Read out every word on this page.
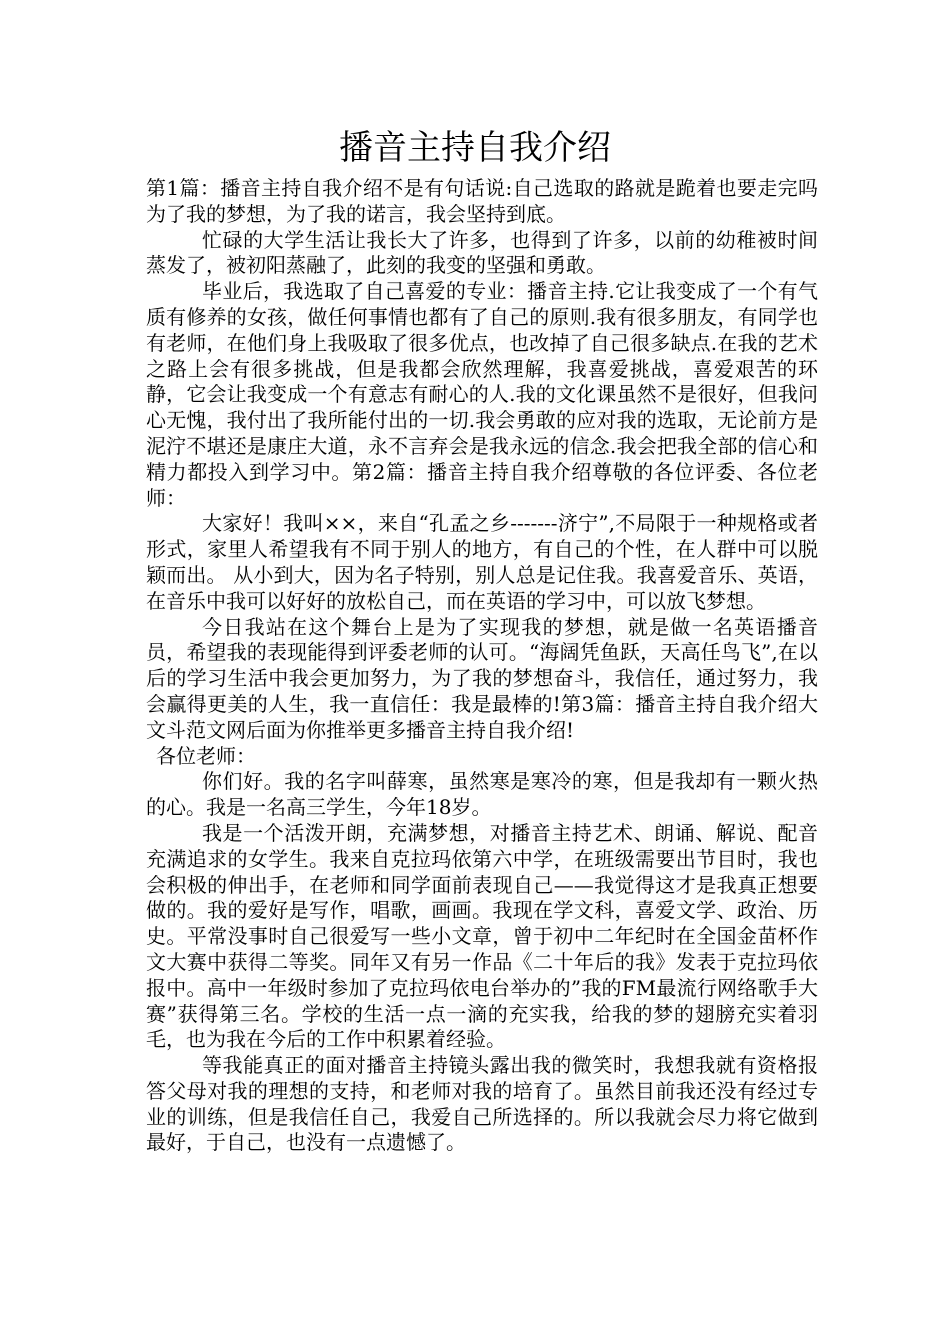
播音主持自我介绍

第1篇：播音主持自我介绍不是有句话说:自己选取的路就是跪着也要走完吗为了我的梦想，为了我的诺言，我会坚持到底。

忙碌的大学生活让我长大了许多，也得到了许多，以前的幼稚被时间蒸发了，被初阳蒸融了，此刻的我变的坚强和勇敢。

毕业后，我选取了自己喜爱的专业：播音主持.它让我变成了一个有气质有修养的女孩，做任何事情也都有了自己的原则.我有很多朋友，有同学也有老师，在他们身上我吸取了很多优点，也改掉了自己很多缺点.在我的艺术之路上会有很多挑战，但是我都会欣然理解，我喜爱挑战，喜爱艰苦的环静，它会让我变成一个有意志有耐心的人.我的文化课虽然不是很好，但我问心无愧，我付出了我所能付出的一切.我会勇敢的应对我的选取，无论前方是泥泞不堪还是康庄大道，永不言弃会是我永远的信念.我会把我全部的信心和精力都投入到学习中。第2篇：播音主持自我介绍尊敬的各位评委、各位老师：

大家好！我叫××，来自“孔孟之乡-------济宁”,不局限于一种规格或者形式，家里人希望我有不同于别人的地方，有自己的个性，在人群中可以脱颖而出。 从小到大，因为名子特别，别人总是记住我。我喜爱音乐、英语，在音乐中我可以好好的放松自己，而在英语的学习中，可以放飞梦想。

今日我站在这个舞台上是为了实现我的梦想，就是做一名英语播音员，希望我的表现能得到评委老师的认可。“海阔凭鱼跃，天高任鸟飞”,在以后的学习生活中我会更加努力，为了我的梦想奋斗，我信任，通过努力，我会赢得更美的人生，我一直信任：我是最棒的!第3篇：播音主持自我介绍大文斗范文网后面为你推举更多播音主持自我介绍!

各位老师：

你们好。我的名字叫薛寒，虽然寒是寒冷的寒，但是我却有一颗火热的心。我是一名高三学生，今年18岁。

我是一个活泼开朗，充满梦想，对播音主持艺术、朗诵、解说、配音充满追求的女学生。我来自克拉玛依第六中学，在班级需要出节目时，我也会积极的伸出手，在老师和同学面前表现自己——我觉得这才是我真正想要做的。我的爱好是写作，唱歌，画画。我现在学文科，喜爱文学、政治、历史。平常没事时自己很爱写一些小文章，曾于初中二年纪时在全国金苗杯作文大赛中获得二等奖。同年又有另一作品《二十年后的我》发表于克拉玛依报中。高中一年级时参加了克拉玛依电台举办的”我的FM最流行网络歌手大赛”获得第三名。学校的生活一点一滴的充实我，给我的梦的翅膀充实着羽毛，也为我在今后的工作中积累着经验。

等我能真正的面对播音主持镜头露出我的微笑时，我想我就有资格报答父母对我的理想的支持，和老师对我的培育了。虽然目前我还没有经过专业的训练，但是我信任自己，我爱自己所选择的。所以我就会尽力将它做到最好，于自己，也没有一点遗憾了。
